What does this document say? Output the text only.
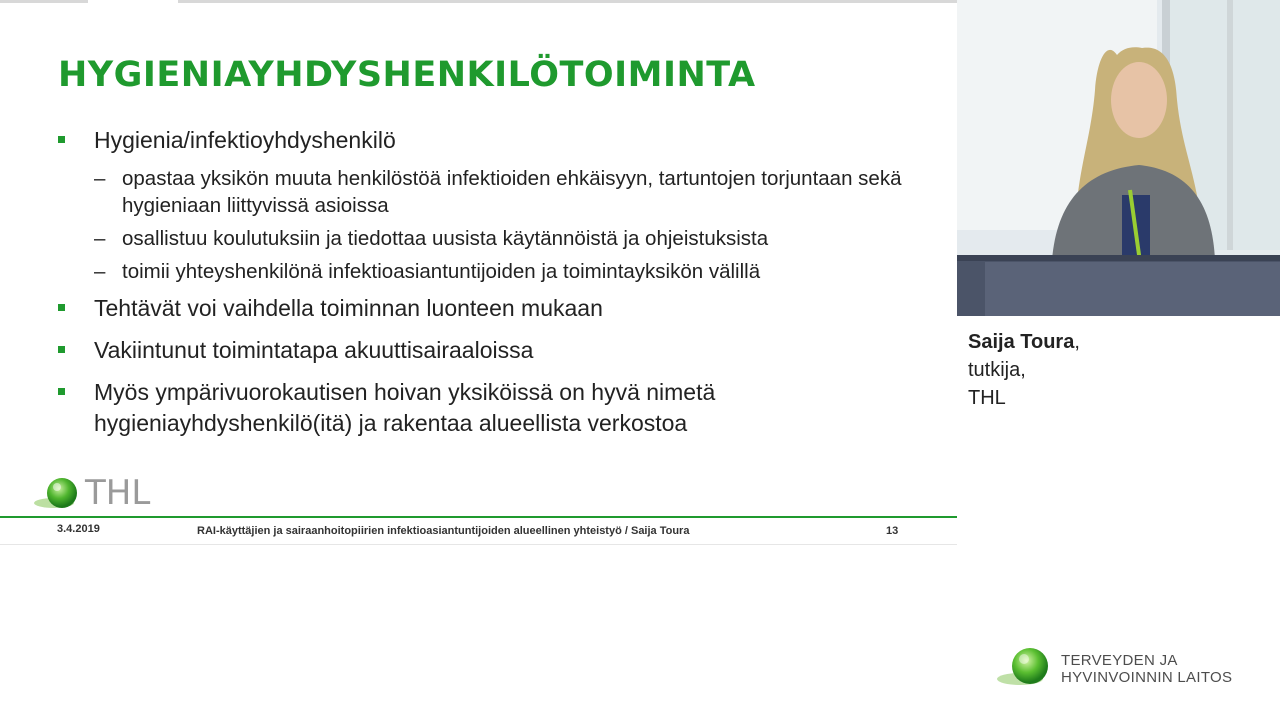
HYGIENIAYHDYSHENKILÖTOIMINTA
Hygienia/infektioyhdyshenkilö
– opastaa yksikön muuta henkilöstöä infektioiden ehkäisyyn, tartuntojen torjuntaan sekä hygieniaan liittyvissä asioissa
– osallistuu koulutuksiin ja tiedottaa uusista käytännöistä ja ohjeistuksista
– toimii yhteyshenkilönä infektioasiantuntijoiden ja toimintayksikön välillä
Tehtävät voi vaihdella toiminnan luonteen mukaan
Vakiintunut toimintatapa akuuttisairaaloissa
Myös ympärivuorokautisen hoivan yksiköissä on hyvä nimetä hygieniayhdyshenkilö(itä) ja rakentaa alueellista verkostoa
THL
3.4.2019	RAI-käyttäjien ja sairaanhoitopiirien infektioasiantuntijoiden alueellinen yhteistyö / Saija Toura	13
Saija Toura,
tutkija,
THL
TERVEYDEN JA
HYVINVOINNIN LAITOS
